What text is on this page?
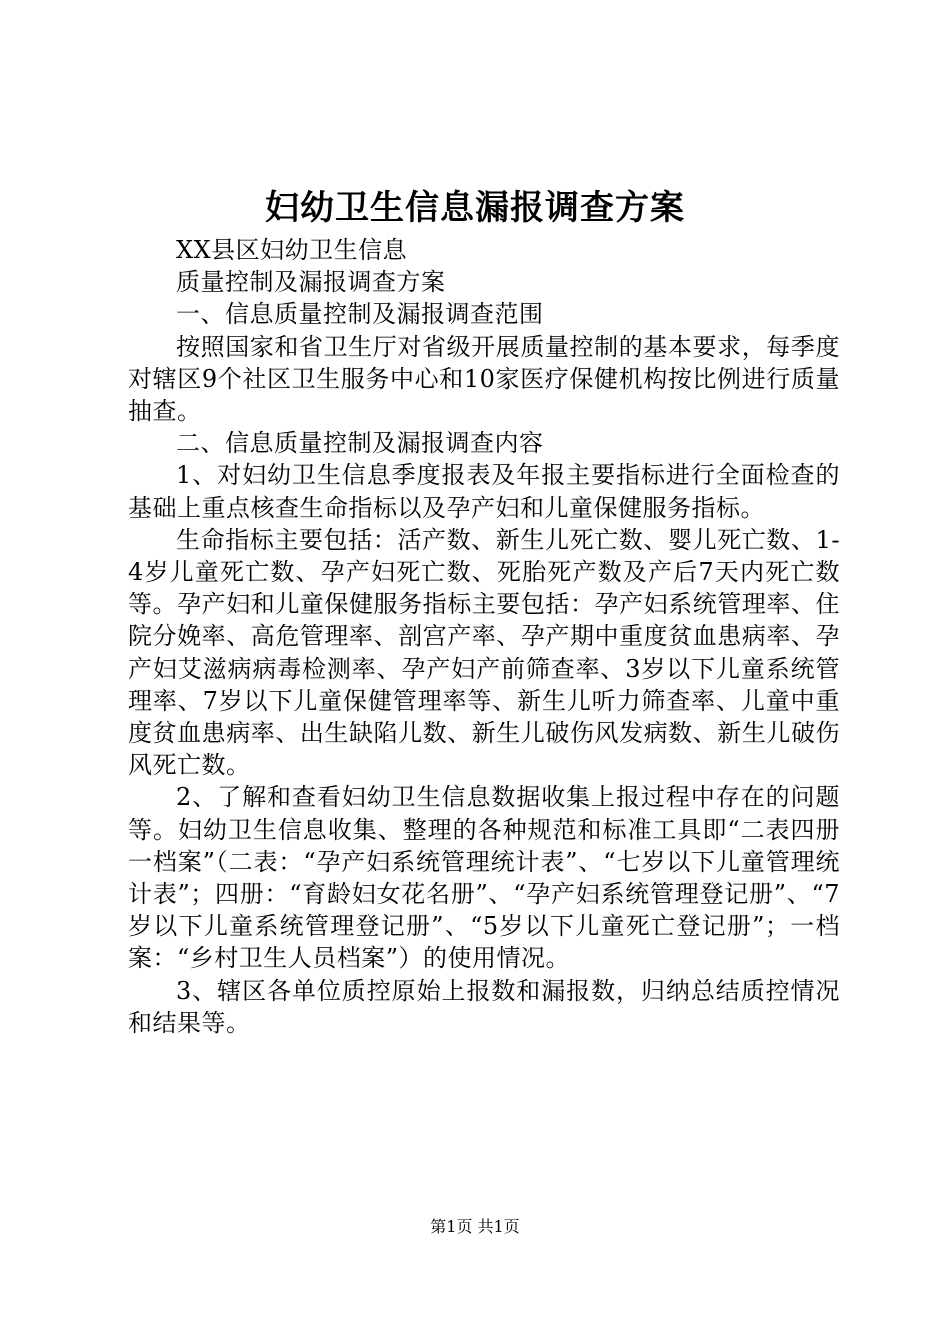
妇幼卫生信息漏报调查方案

XX县区妇幼卫生信息

质量控制及漏报调查方案

一、信息质量控制及漏报调查范围

按照国家和省卫生厅对省级开展质量控制的基本要求，每季度对辖区9个社区卫生服务中心和10家医疗保健机构按比例进行质量抽查。

二、信息质量控制及漏报调查内容

1、对妇幼卫生信息季度报表及年报主要指标进行全面检查的基础上重点核查生命指标以及孕产妇和儿童保健服务指标。

生命指标主要包括：活产数、新生儿死亡数、婴儿死亡数、1-4岁儿童死亡数、孕产妇死亡数、死胎死产数及产后7天内死亡数等。孕产妇和儿童保健服务指标主要包括：孕产妇系统管理率、住院分娩率、高危管理率、剖宫产率、孕产期中重度贫血患病率、孕产妇艾滋病病毒检测率、孕产妇产前筛查率、3岁以下儿童系统管理率、7岁以下儿童保健管理率等、新生儿听力筛查率、儿童中重度贫血患病率、出生缺陷儿数、新生儿破伤风发病数、新生儿破伤风死亡数。

2、了解和查看妇幼卫生信息数据收集上报过程中存在的问题等。妇幼卫生信息收集、整理的各种规范和标准工具即“二表四册一档案”（二表：“孕产妇系统管理统计表”、“七岁以下儿童管理统计表”；四册：“育龄妇女花名册”、“孕产妇系统管理登记册”、“7岁以下儿童系统管理登记册”、“5岁以下儿童死亡登记册”；一档案：“乡村卫生人员档案”）的使用情况。

3、辖区各单位质控原始上报数和漏报数，归纳总结质控情况和结果等。

第1页 共1页
